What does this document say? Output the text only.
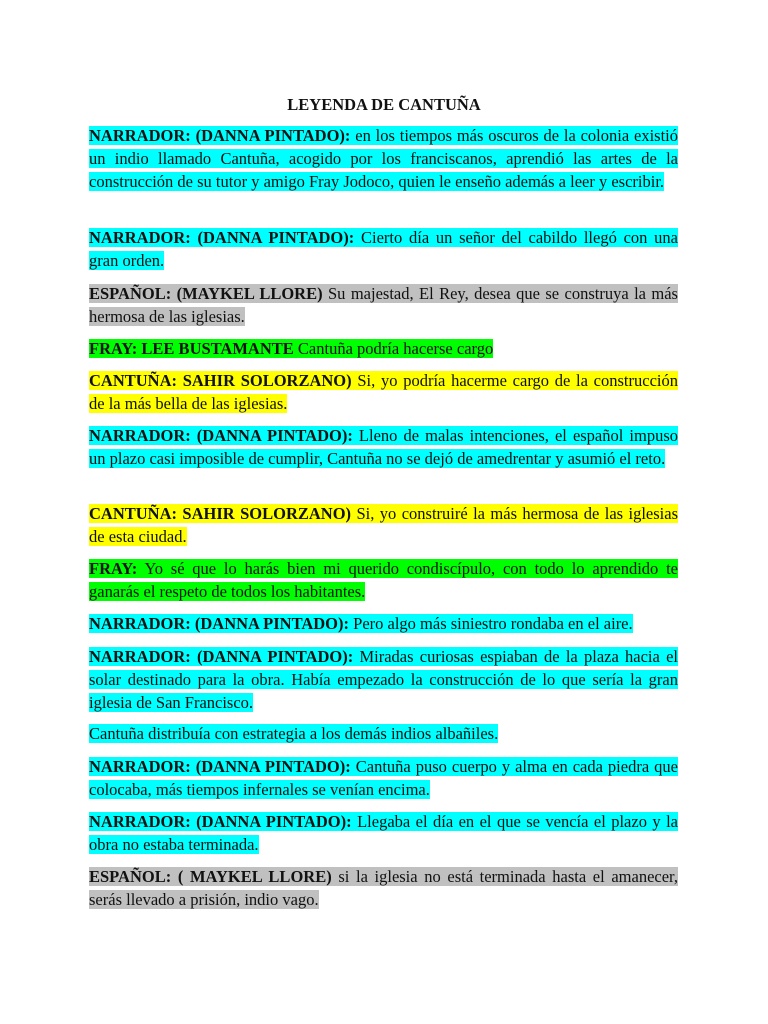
LEYENDA DE CANTUÑA

NARRADOR: (DANNA PINTADO): en los tiempos más oscuros de la colonia existió un indio llamado Cantuña, acogido por los franciscanos, aprendió las artes de la construcción de su tutor y amigo Fray Jodoco, quien le enseño además a leer y escribir.

NARRADOR: (DANNA PINTADO): Cierto día un señor del cabildo llegó con una gran orden.

ESPAÑOL: (MAYKEL LLORE) Su majestad, El Rey, desea que se construya la más hermosa de las iglesias.

FRAY: LEE BUSTAMANTE Cantuña podría hacerse cargo

CANTUÑA: SAHIR SOLORZANO) Si, yo podría hacerme cargo de la construcción de la más bella de las iglesias.

NARRADOR: (DANNA PINTADO): Lleno de malas intenciones, el español impuso un plazo casi imposible de cumplir, Cantuña no se dejó de amedrentar y asumió el reto.

CANTUÑA: SAHIR SOLORZANO) Si, yo construiré la más hermosa de las iglesias de esta ciudad.

FRAY: Yo sé que lo harás bien mi querido condiscípulo, con todo lo aprendido te ganarás el respeto de todos los habitantes.

NARRADOR: (DANNA PINTADO): Pero algo más siniestro rondaba en el aire.

NARRADOR: (DANNA PINTADO): Miradas curiosas espiaban de la plaza hacia el solar destinado para la obra. Había empezado la construcción de lo que sería la gran iglesia de San Francisco.

Cantuña distribuía con estrategia a los demás indios albañiles.

NARRADOR: (DANNA PINTADO): Cantuña puso cuerpo y alma en cada piedra que colocaba, más tiempos infernales se venían encima.

NARRADOR: (DANNA PINTADO): Llegaba el día en el que se vencía el plazo y la obra no estaba terminada.

ESPAÑOL: ( MAYKEL LLORE) si la iglesia no está terminada hasta el amanecer, serás llevado a prisión, indio vago.
